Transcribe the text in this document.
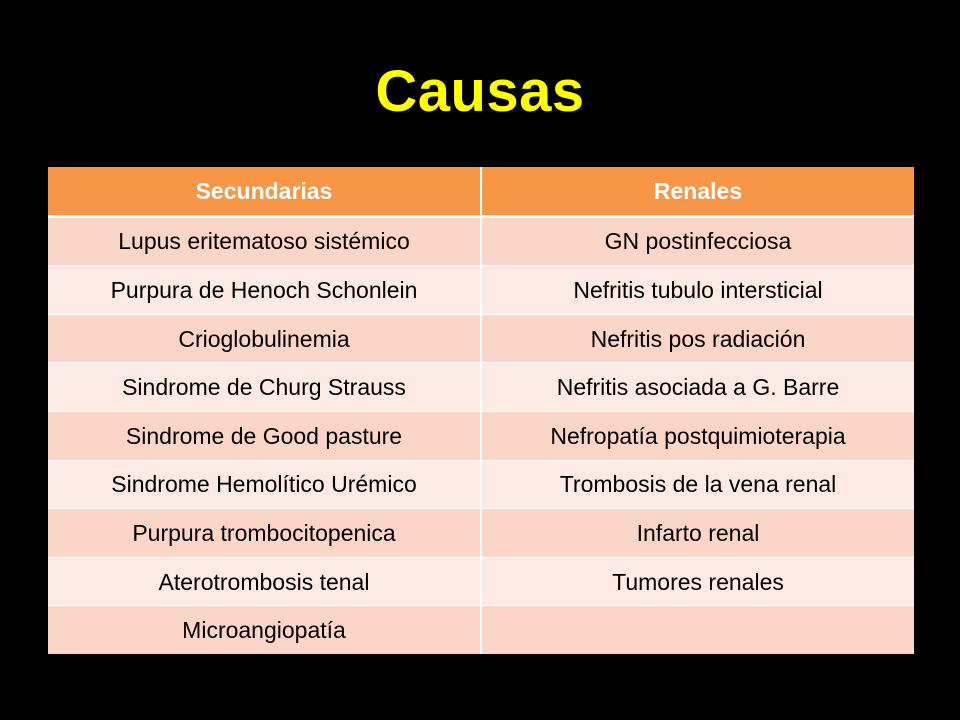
Causas
Secundarias	Renales
Lupus eritematoso sistémico	GN postinfecciosa
Purpura de Henoch Schonlein	Nefritis tubulo intersticial
Crioglobulinemia	Nefritis pos radiación
Sindrome de Churg Strauss	Nefritis asociada a G. Barre
Sindrome de Good pasture	Nefropatía postquimioterapia
Sindrome Hemolítico Urémico	Trombosis de la vena renal
Purpura trombocitopenica	Infarto renal
Aterotrombosis tenal	Tumores renales
Microangiopatía	
